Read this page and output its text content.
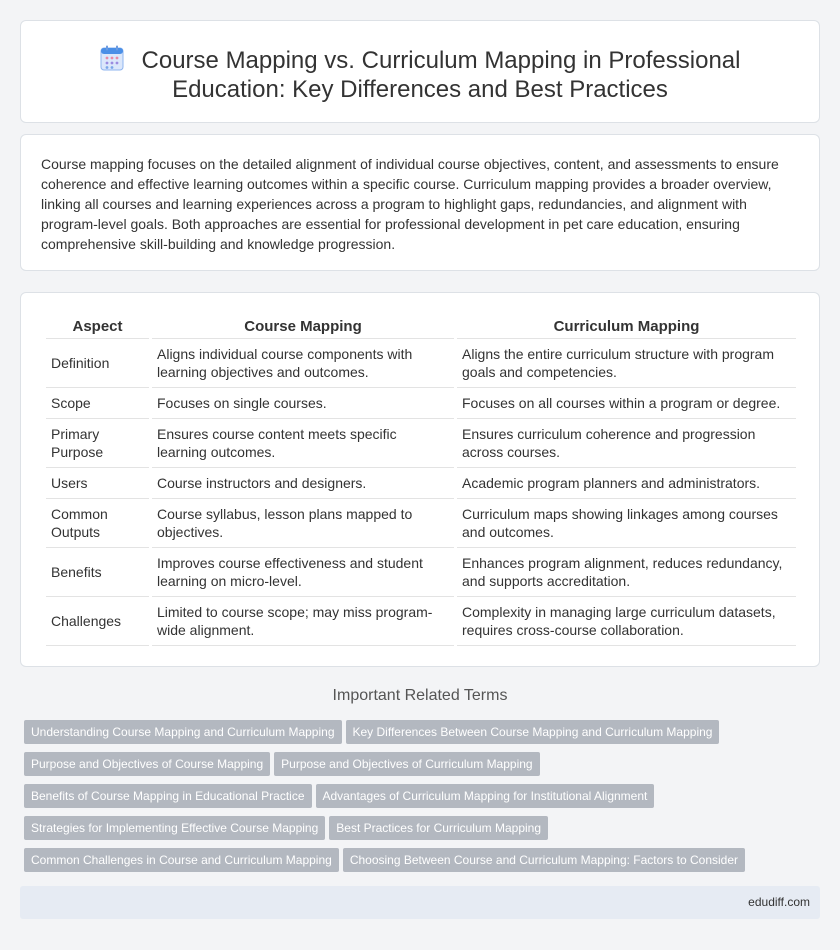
Course Mapping vs. Curriculum Mapping in Professional
Education: Key Differences and Best Practices

Course mapping focuses on the detailed alignment of individual course objectives, content, and assessments to ensure coherence and effective learning outcomes within a specific course. Curriculum mapping provides a broader overview, linking all courses and learning experiences across a program to highlight gaps, redundancies, and alignment with program-level goals. Both approaches are essential for professional development in pet care education, ensuring comprehensive skill-building and knowledge progression.

Aspect	Course Mapping	Curriculum Mapping
Definition	Aligns individual course components with learning objectives and outcomes.	Aligns the entire curriculum structure with program goals and competencies.
Scope	Focuses on single courses.	Focuses on all courses within a program or degree.
Primary Purpose	Ensures course content meets specific learning outcomes.	Ensures curriculum coherence and progression across courses.
Users	Course instructors and designers.	Academic program planners and administrators.
Common Outputs	Course syllabus, lesson plans mapped to objectives.	Curriculum maps showing linkages among courses and outcomes.
Benefits	Improves course effectiveness and student learning on micro-level.	Enhances program alignment, reduces redundancy, and supports accreditation.
Challenges	Limited to course scope; may miss program-wide alignment.	Complexity in managing large curriculum datasets, requires cross-course collaboration.
Important Related Terms
Understanding Course Mapping and Curriculum Mapping Key Differences Between Course Mapping and Curriculum Mapping
Purpose and Objectives of Course Mapping Purpose and Objectives of Curriculum Mapping
Benefits of Course Mapping in Educational Practice Advantages of Curriculum Mapping for Institutional Alignment
Strategies for Implementing Effective Course Mapping Best Practices for Curriculum Mapping
Common Challenges in Course and Curriculum Mapping Choosing Between Course and Curriculum Mapping: Factors to Consider
edudiff.com
